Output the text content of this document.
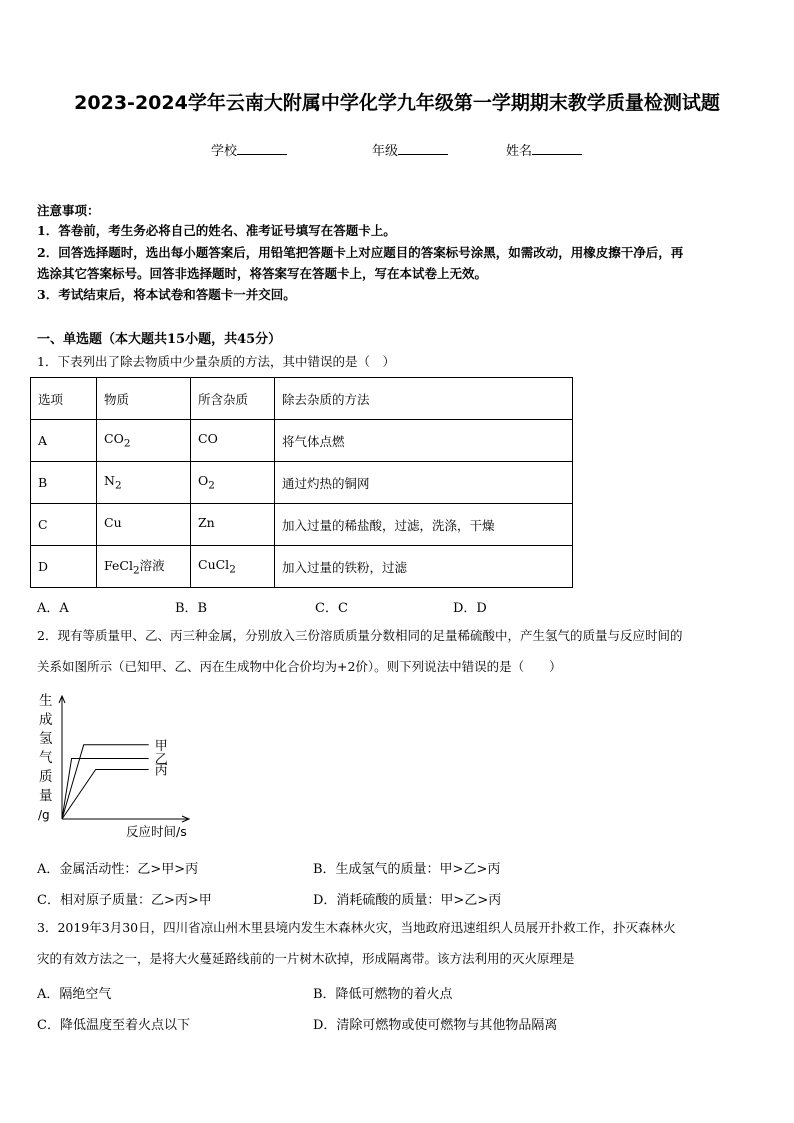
2023-2024学年云南大附属中学化学九年级第一学期期末教学质量检测试题
学校	年级	姓名
注意事项：
1．答卷前，考生务必将自己的姓名、准考证号填写在答题卡上。
2．回答选择题时，选出每小题答案后，用铅笔把答题卡上对应题目的答案标号涂黑，如需改动，用橡皮擦干净后，再
选涂其它答案标号。回答非选择题时，将答案写在答题卡上，写在本试卷上无效。
3．考试结束后，将本试卷和答题卡一并交回。
一、单选题（本大题共15小题，共45分）
1．下表列出了除去物质中少量杂质的方法，其中错误的是（　）
选项	物质	所含杂质	除去杂质的方法
A	$CO_2$	CO	将气体点燃
B	$N_2$	$O_2$	通过灼热的铜网
C	Cu	Zn	加入过量的稀盐酸，过滤，洗涤，干燥
D	FeCl$_2$溶液	CuCl$_2$	加入过量的铁粉，过滤
A．A	B．B	C．C	D．D
2．现有等质量甲、乙、丙三种金属，分别放入三份溶质质量分数相同的足量稀硫酸中，产生氢气的质量与反应时间的
关系如图所示（已知甲、乙、丙在生成物中化合价均为+2价）。则下列说法中错误的是（　　）
甲
乙
丙
生
成
氢
气
质
量
/g
反应时间/s
A．金属活动性：乙>甲>丙	B．生成氢气的质量：甲>乙>丙
C．相对原子质量：乙>丙>甲	D．消耗硫酸的质量：甲>乙>丙
3．2019年3月30日，四川省凉山州木里县境内发生木森林火灾，当地政府迅速组织人员展开扑救工作，扑灭森林火
灾的有效方法之一，是将大火蔓延路线前的一片树木砍掉，形成隔离带。该方法利用的灭火原理是
A．隔绝空气	B．降低可燃物的着火点
C．降低温度至着火点以下	D．清除可燃物或使可燃物与其他物品隔离
